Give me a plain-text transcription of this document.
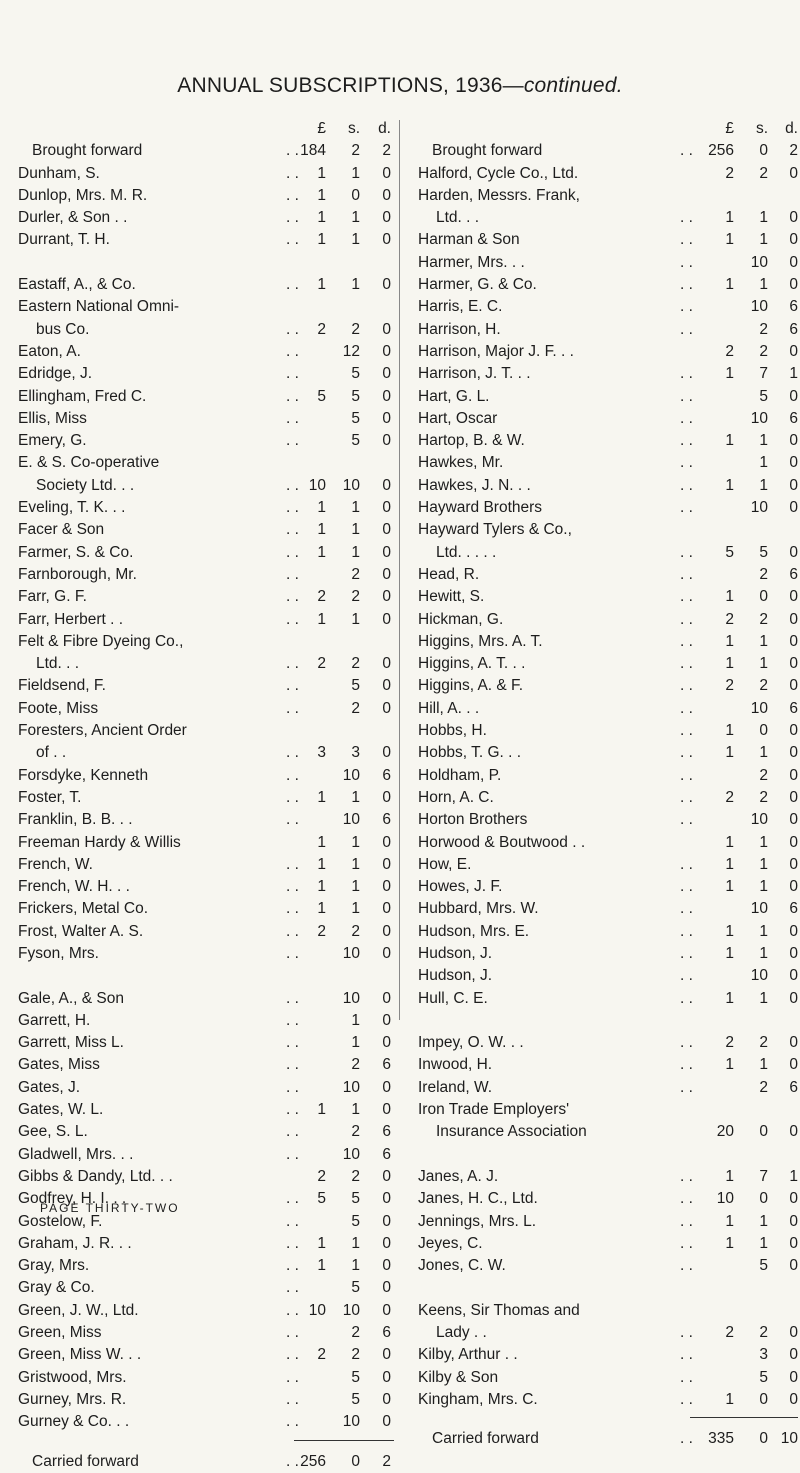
ANNUAL SUBSCRIPTIONS, 1936—continued.
£ s. d.
Brought forward	. . 184 2 2
Dunham, S.	. . 1 1 0
Dunlop, Mrs. M. R.	. . 1 0 0
Durler, & Son . .	. . 1 1 0
Durrant, T. H.	. . 1 1 0
Eastaff, A., & Co.	. . 1 1 0
Eastern National Omni-
bus Co.	. . 2 2 0
Eaton, A.	. .	12 0
Edridge, J.	. .	5 0
Ellingham, Fred C.	. . 5 5 0
Ellis, Miss	. .	5 0
Emery, G.	. .	5 0
E. & S. Co-operative
Society Ltd. . .	. . 10 10 0
Eveling, T. K. . .	. . 1 1 0
Facer & Son	. . 1 1 0
Farmer, S. & Co.	. . 1 1 0
Farnborough, Mr.	. .	2 0
Farr, G. F.	. . 2 2 0
Farr, Herbert . .	. . 1 1 0
Felt & Fibre Dyeing Co.,
Ltd. . .	. . 2 2 0
Fieldsend, F.	. .	5 0
Foote, Miss	. .	2 0
Foresters, Ancient Order
of . .	. . 3 3 0
Forsdyke, Kenneth	. .	10 6
Foster, T.	. . 1 1 0
Franklin, B. B. . .	. .	10 6
Freeman Hardy & Willis	1 1 0
French, W.	. . 1 1 0
French, W. H. . .	. . 1 1 0
Frickers, Metal Co.	. . 1 1 0
Frost, Walter A. S.	. . 2 2 0
Fyson, Mrs.	. .	10 0
Gale, A., & Son	. .	10 0
Garrett, H.	. .	1 0
Garrett, Miss L.	. .	1 0
Gates, Miss	. .	2 6
Gates, J.	. .	10 0
Gates, W. L.	. . 1 1 0
Gee, S. L.	. .	2 6
Gladwell, Mrs. . .	. .	10 6
Gibbs & Dandy, Ltd. . .	2 2 0
Godfrey, H. I. . .	. . 5 5 0
Gostelow, F.	. .	5 0
Graham, J. R. . .	. . 1 1 0
Gray, Mrs.	. . 1 1 0
Gray & Co.	. .	5 0
Green, J. W., Ltd.	. . 10 10 0
Green, Miss	. .	2 6
Green, Miss W. . .	. . 2 2 0
Gristwood, Mrs.	. .	5 0
Gurney, Mrs. R.	. .	5 0
Gurney & Co. . .	. .	10 0
Carried forward	. . 256 0 2
£ s. d.
Brought forward	. . 256 0 2
Halford, Cycle Co., Ltd.	2 2 0
Harden, Messrs. Frank,
Ltd. . .	. . 1 1 0
Harman & Son	. . 1 1 0
Harmer, Mrs. . .	. .	10 0
Harmer, G. & Co.	. . 1 1 0
Harris, E. C.	. .	10 6
Harrison, H.	. .	2 6
Harrison, Major J. F. . .	2 2 0
Harrison, J. T. . .	. . 1 7 1
Hart, G. L.	. .	5 0
Hart, Oscar	. .	10 6
Hartop, B. & W.	. . 1 1 0
Hawkes, Mr.	. .	1 0
Hawkes, J. N. . .	. . 1 1 0
Hayward Brothers	. .	10 0
Hayward Tylers & Co.,
Ltd. . . . .	. . 5 5 0
Head, R.	. .	2 6
Hewitt, S.	. . 1 0 0
Hickman, G.	. . 2 2 0
Higgins, Mrs. A. T.	. . 1 1 0
Higgins, A. T. . .	. . 1 1 0
Higgins, A. & F.	. . 2 2 0
Hill, A. . .	. .	10 6
Hobbs, H.	. . 1 0 0
Hobbs, T. G. . .	. . 1 1 0
Holdham, P.	. .	2 0
Horn, A. C.	. . 2 2 0
Horton Brothers	. .	10 0
Horwood & Boutwood . .	1 1 0
How, E.	. . 1 1 0
Howes, J. F.	. . 1 1 0
Hubbard, Mrs. W.	. .	10 6
Hudson, Mrs. E.	. . 1 1 0
Hudson, J.	. . 1 1 0
Hudson, J.	. .	10 0
Hull, C. E.	. . 1 1 0
Impey, O. W. . .	. . 2 2 0
Inwood, H.	. . 1 1 0
Ireland, W.	. .	2 6
Iron Trade Employers'
Insurance Association	20 0 0
Janes, A. J.	. . 1 7 1
Janes, H. C., Ltd.	. . 10 0 0
Jennings, Mrs. L.	. . 1 1 0
Jeyes, C.	. . 1 1 0
Jones, C. W.	. .	5 0
Keens, Sir Thomas and
Lady . .	. . 2 2 0
Kilby, Arthur . .	. .	3 0
Kilby & Son	. .	5 0
Kingham, Mrs. C.	. . 1 0 0
Carried forward	. . 335 0 10
PAGE THIRTY-TWO
